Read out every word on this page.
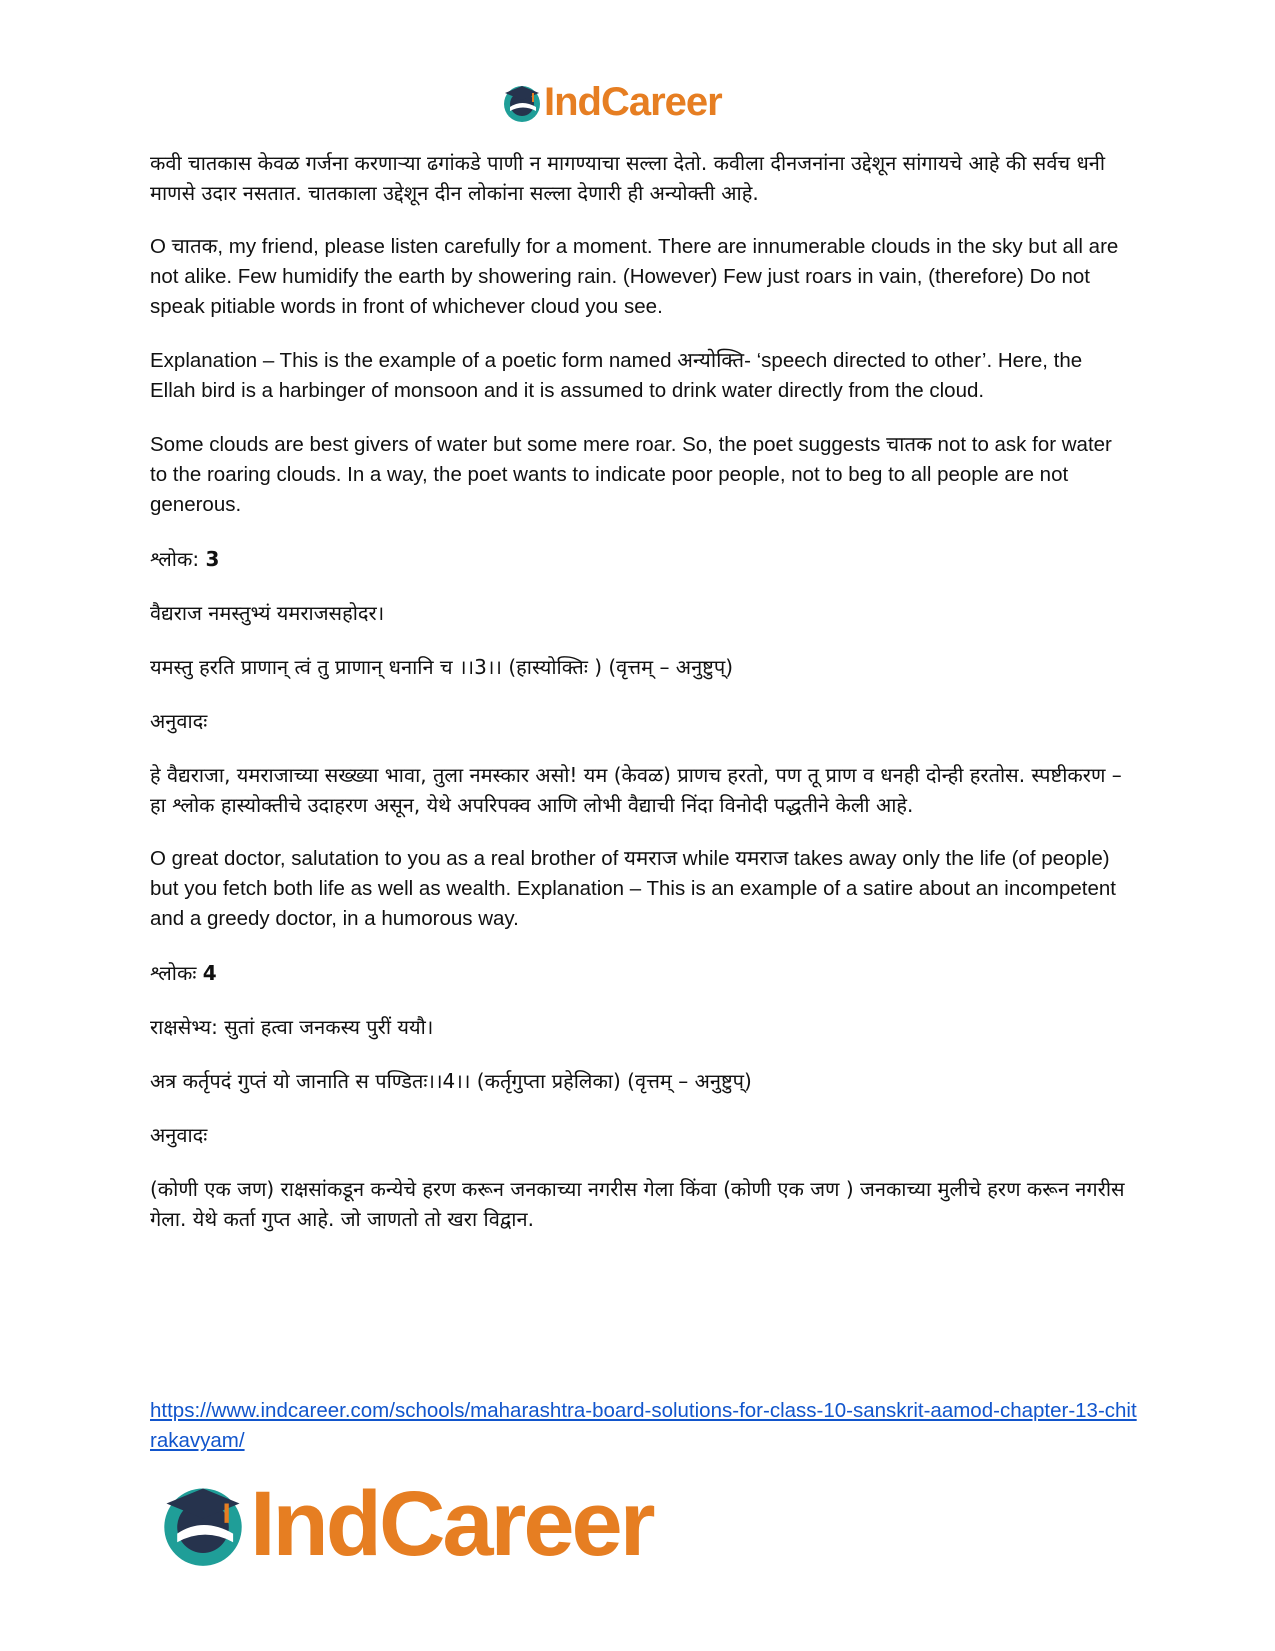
IndCareer

कवी चातकास केवळ गर्जना करणाऱ्या ढगांकडे पाणी न मागण्याचा सल्ला देतो. कवीला दीनजनांना उद्देशून सांगायचे आहे की सर्वच धनी माणसे उदार नसतात. चातकाला उद्देशून दीन लोकांना सल्ला देणारी ही अन्योक्ती आहे.

O चातक, my friend, please listen carefully for a moment. There are innumerable clouds in the sky but all are not alike. Few humidify the earth by showering rain. (However) Few just roars in vain, (therefore) Do not speak pitiable words in front of whichever cloud you see.

Explanation – This is the example of a poetic form named अन्योक्ति- ‘speech directed to other’. Here, the Ellah bird is a harbinger of monsoon and it is assumed to drink water directly from the cloud.

Some clouds are best givers of water but some mere roar. So, the poet suggests चातक not to ask for water to the roaring clouds. In a way, the poet wants to indicate poor people, not to beg to all people are not generous.

श्लोक: 3

वैद्यराज नमस्तुभ्यं यमराजसहोदर।

यमस्तु हरति प्राणान् त्वं तु प्राणान् धनानि च ।।3।। (हास्योक्तिः ) (वृत्तम् – अनुष्टुप्)

अनुवादः

हे वैद्यराजा, यमराजाच्या सख्ख्या भावा, तुला नमस्कार असो! यम (केवळ) प्राणच हरतो, पण तू प्राण व धनही दोन्ही हरतोस. स्पष्टीकरण – हा श्लोक हास्योक्तीचे उदाहरण असून, येथे अपरिपक्व आणि लोभी वैद्याची निंदा विनोदी पद्धतीने केली आहे.

O great doctor, salutation to you as a real brother of यमराज while यमराज takes away only the life (of people) but you fetch both life as well as wealth. Explanation – This is an example of a satire about an incompetent and a greedy doctor, in a humorous way.

श्लोकः 4

राक्षसेभ्य: सुतां हत्वा जनकस्य पुरीं ययौ।

अत्र कर्तृपदं गुप्तं यो जानाति स पण्डितः।।4।। (कर्तृगुप्ता प्रहेलिका) (वृत्तम् – अनुष्टुप्)

अनुवादः

(कोणी एक जण) राक्षसांकडून कन्येचे हरण करून जनकाच्या नगरीस गेला किंवा (कोणी एक जण ) जनकाच्या मुलीचे हरण करून नगरीस गेला. येथे कर्ता गुप्त आहे. जो जाणतो तो खरा विद्वान.

https://www.indcareer.com/schools/maharashtra-board-solutions-for-class-10-sanskrit-aamod-chapter-13-chitrakavyam/
IndCareer
